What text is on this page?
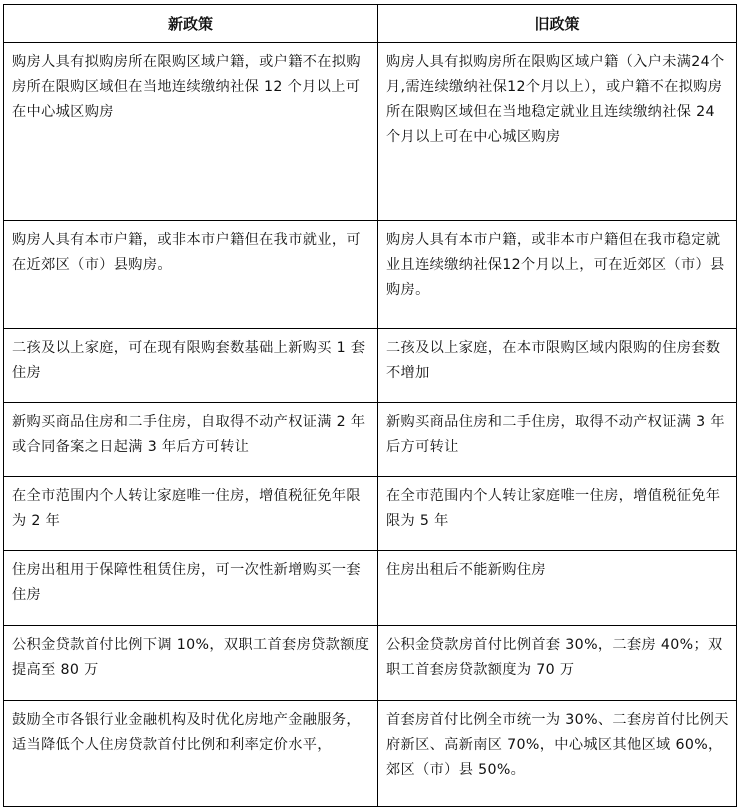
新政策	旧政策
购房人具有拟购房所在限购区域户籍，或户籍不在拟购房所在限购区域但在当地连续缴纳社保 12 个月以上可在中心城区购房	购房人具有拟购房所在限购区域户籍（入户未满24个月,需连续缴纳社保12个月以上），或户籍不在拟购房所在限购区域但在当地稳定就业且连续缴纳社保 24 个月以上可在中心城区购房
购房人具有本市户籍，或非本市户籍但在我市就业，可在近郊区（市）县购房。	购房人具有本市户籍，或非本市户籍但在我市稳定就业且连续缴纳社保12个月以上，可在近郊区（市）县购房。
二孩及以上家庭，可在现有限购套数基础上新购买 1 套住房	二孩及以上家庭，在本市限购区域内限购的住房套数不增加
新购买商品住房和二手住房，自取得不动产权证满 2 年或合同备案之日起满 3 年后方可转让	新购买商品住房和二手住房，取得不动产权证满 3 年后方可转让
在全市范围内个人转让家庭唯一住房，增值税征免年限为 2 年	在全市范围内个人转让家庭唯一住房，增值税征免年限为 5 年
住房出租用于保障性租赁住房，可一次性新增购买一套住房	住房出租后不能新购住房
公积金贷款首付比例下调 10%，双职工首套房贷款额度提高至 80 万	公积金贷款房首付比例首套 30%，二套房 40%；双职工首套房贷款额度为 70 万
鼓励全市各银行业金融机构及时优化房地产金融服务，适当降低个人住房贷款首付比例和利率定价水平，	首套房首付比例全市统一为 30%、二套房首付比例天府新区、高新南区 70%，中心城区其他区域 60%，郊区（市）县 50%。
